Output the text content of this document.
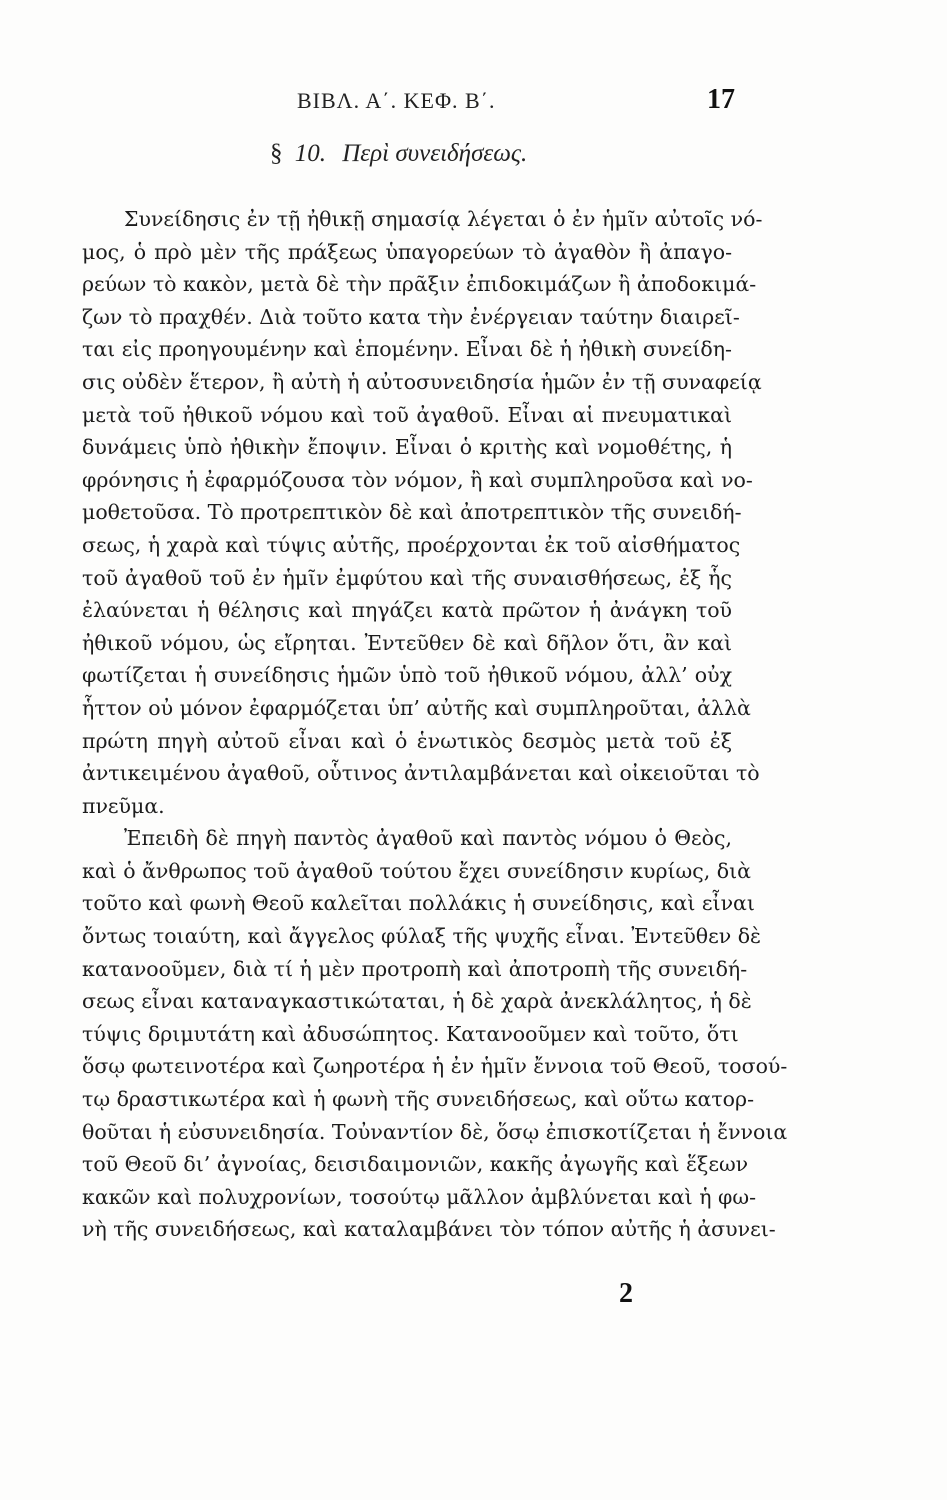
ΒΙΒΛ. Α΄. ΚΕΦ. Β΄.	17
§ 10. Περὶ συνειδήσεως.
Συνείδησις ἐν τῇ ἠθικῇ σημασίᾳ λέγεται ὁ ἐν ἡμῖν αὐτοῖς νό-
μος, ὁ πρὸ μὲν τῆς πράξεως ὑπαγορεύων τὸ ἀγαθὸν ἢ ἀπαγο-
ρεύων τὸ κακὸν, μετὰ δὲ τὴν πρᾶξιν ἐπιδοκιμάζων ἢ ἀποδοκιμά-
ζων τὸ πραχθέν. Διὰ τοῦτο κατα τὴν ἐνέργειαν ταύτην διαιρεῖ-
ται εἰς προηγουμένην καὶ ἑπομένην. Εἶναι δὲ ἡ ἠθικὴ συνείδη-
σις οὐδὲν ἕτερον, ἢ αὐτὴ ἡ αὐτοσυνειδησία ἡμῶν ἐν τῇ συναφείᾳ
μετὰ τοῦ ἠθικοῦ νόμου καὶ τοῦ ἀγαθοῦ. Εἶναι αἱ πνευματικαὶ
δυνάμεις ὑπὸ ἠθικὴν ἔποψιν. Εἶναι ὁ κριτὴς καὶ νομοθέτης, ἡ
φρόνησις ἡ ἐφαρμόζουσα τὸν νόμον, ἢ καὶ συμπληροῦσα καὶ νο-
μοθετοῦσα. Τὸ προτρεπτικὸν δὲ καὶ ἀποτρεπτικὸν τῆς συνειδή-
σεως, ἡ χαρὰ καὶ τύψις αὐτῆς, προέρχονται ἐκ τοῦ αἰσθήματος
τοῦ ἀγαθοῦ τοῦ ἐν ἡμῖν ἐμφύτου καὶ τῆς συναισθήσεως, ἐξ ἧς
ἐλαύνεται ἡ θέλησις καὶ πηγάζει κατὰ πρῶτον ἡ ἀνάγκη τοῦ
ἠθικοῦ νόμου, ὡς εἴρηται. Ἐντεῦθεν δὲ καὶ δῆλον ὅτι, ἂν καὶ
φωτίζεται ἡ συνείδησις ἡμῶν ὑπὸ τοῦ ἠθικοῦ νόμου, ἀλλ’ οὐχ
ἧττον οὐ μόνον ἐφαρμόζεται ὑπ’ αὐτῆς καὶ συμπληροῦται, ἀλλὰ
πρώτη πηγὴ αὐτοῦ εἶναι καὶ ὁ ἑνωτικὸς δεσμὸς μετὰ τοῦ ἐξ
ἀντικειμένου ἀγαθοῦ, οὗτινος ἀντιλαμβάνεται καὶ οἰκειοῦται τὸ
πνεῦμα.
Ἐπειδὴ δὲ πηγὴ παντὸς ἀγαθοῦ καὶ παντὸς νόμου ὁ Θεὸς,
καὶ ὁ ἄνθρωπος τοῦ ἀγαθοῦ τούτου ἔχει συνείδησιν κυρίως, διὰ
τοῦτο καὶ φωνὴ Θεοῦ καλεῖται πολλάκις ἡ συνείδησις, καὶ εἶναι
ὄντως τοιαύτη, καὶ ἄγγελος φύλαξ τῆς ψυχῆς εἶναι. Ἐντεῦθεν δὲ
κατανοοῦμεν, διὰ τί ἡ μὲν προτροπὴ καὶ ἀποτροπὴ τῆς συνειδή-
σεως εἶναι καταναγκαστικώταται, ἡ δὲ χαρὰ ἀνεκλάλητος, ἡ δὲ
τύψις δριμυτάτη καὶ ἀδυσώπητος. Κατανοοῦμεν καὶ τοῦτο, ὅτι
ὅσῳ φωτεινοτέρα καὶ ζωηροτέρα ἡ ἐν ἡμῖν ἔννοια τοῦ Θεοῦ, τοσού-
τῳ δραστικωτέρα καὶ ἡ φωνὴ τῆς συνειδήσεως, καὶ οὕτω κατορ-
θοῦται ἡ εὐσυνειδησία. Τοὐναντίον δὲ, ὅσῳ ἐπισκοτίζεται ἡ ἔννοια
τοῦ Θεοῦ δι’ ἀγνοίας, δεισιδαιμονιῶν, κακῆς ἀγωγῆς καὶ ἕξεων
κακῶν καὶ πολυχρονίων, τοσούτῳ μᾶλλον ἀμβλύνεται καὶ ἡ φω-
νὴ τῆς συνειδήσεως, καὶ καταλαμβάνει τὸν τόπον αὐτῆς ἡ ἀσυνει-
2
